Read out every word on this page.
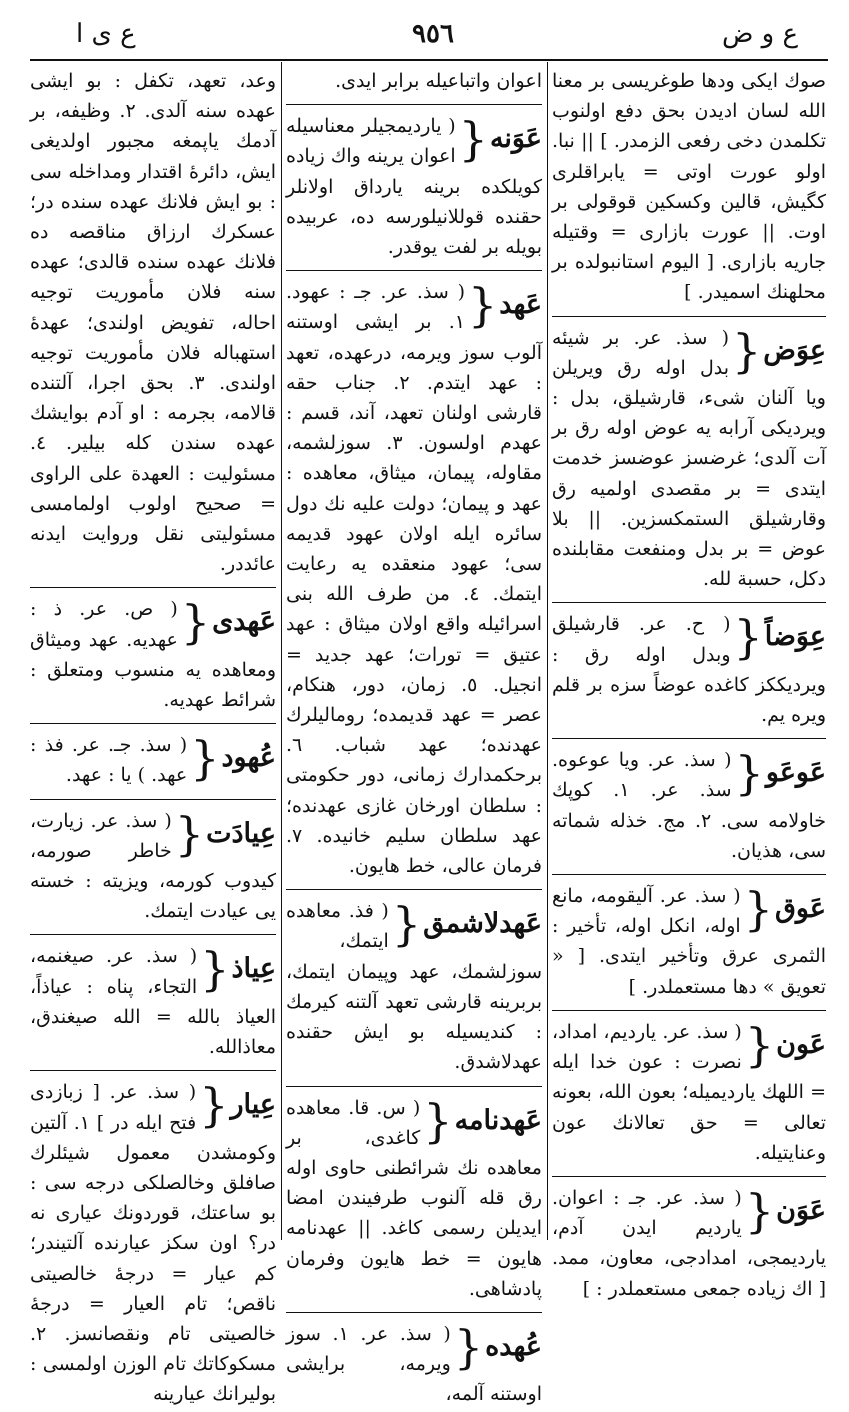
ع و ض
٩٥٦
ع ى ا
صوك ایکی ودها طوغریسی بر معنا الله لسان ادیدن بحق دفع اولنوب تکلمدن دخی رفعی الزمدر. ] || نبا. اولو عورت اوتی = یابراقلری کگیش، قالین وکسکین قوقولی بر اوت. || عورت بازاری = وقتیله جاریه بازاری. [ الیوم استانبولده بر محلهنك اسمیدر. ]
عِوَض
{
( سذ. عر. بر شیئه بدل اوله رق ویریلن ویا آلنان شیء، قارشیلق، بدل : ویردیکی آرابه یه عوض اوله رق بر آت آلدی؛ غرضسز عوضسز خدمت ایتدی = بر مقصدی اولمیه رق وقارشیلق الستمکسزین. || بلا عوض = بر بدل ومنفعت مقابلنده دکل، حسبة لله.
عِوَضاً
{
( ح. عر. قارشیلق وبدل اوله رق : ویردیککز کاغده عوضاً سزه بر قلم ویره یم.
عَوعَو
{
( سذ. عر. ویا عوعوه. سذ. عر. ١. کوپك خاولامه سی. ٢. مج. خذله شماته سی، هذیان.
عَوق
{
( سذ. عر. آلیقومه، مانع اوله، انکل اوله، تأخیر : الثمری عرق وتأخیر ایتدی. [ « تعویق » دها مستعملدر. ]
عَون
{
( سذ. عر. یاردیم، امداد، نصرت : عون خدا ایله = اللهك یاردیمیله؛ بعون الله، بعونه تعالی = حق تعالانك عون وعنایتیله.
عَوَن
{
( سذ. عر. جـ : اعوان. یاردیم ایدن آدم، یاردیمجی، امدادجی، معاون، ممد. [ اك زیاده جمعی مستعملدر : ]
اعوان واتباعیله برابر ایدی.
عَوَنه
{
( یاردیمجیلر معناسیله اعوان یرینه واك زیاده کویلکده برینه یارداق اولانلر حقنده قوللانیلورسه ده، عربیده بویله بر لفت یوقدر.
عَهد
{
( سذ. عر. جـ : عهود. ١. بر ایشی اوستنه آلوب سوز ویرمه، درعهده، تعهد : عهد ایتدم. ٢. جناب حقه قارشی اولنان تعهد، آند، قسم : عهدم اولسون. ٣. سوزلشمه، مقاوله، پیمان، میثاق، معاهده : عهد و پیمان؛ دولت علیه نك دول سائره ایله اولان عهود قدیمه سی؛ عهود منعقده یه رعایت ایتمك. ٤. من طرف الله بنی اسرائیله واقع اولان میثاق : عهد عتیق = تورات؛ عهد جدید = انجیل. ٥. زمان، دور، هنکام، عصر = عهد قدیمده؛ روماليلرك عهدنده؛ عهد شباب. ٦. برحکمدارك زمانی، دور حکومتی : سلطان اورخان غازی عهدنده؛ عهد سلطان سلیم خانیده. ٧. فرمان عالی، خط هایون.
عَهدلاشمق
{
( فذ. معاهده ایتمك، سوزلشمك، عهد وپیمان ایتمك، بربرینه قارشی تعهد آلتنه کیرمك : کندیسیله بو ایش حقنده عهدلاشدق.
عَهدنامه
{
( س. قا. معاهده کاغدی، بر معاهده نك شرائطنی حاوی اوله رق قله آلنوب طرفیندن امضا ایدیلن رسمی کاغد. || عهدنامه هایون = خط هایون وفرمان پادشاهی.
عُهده
{
( سذ. عر. ١. سوز ویرمه، برایشی اوستنه آلمه،
وعد، تعهد، تکفل : بو ایشی عهده سنه آلدی. ٢. وظیفه، بر آدمك یاپمغه مجبور اولدیغی ایش، دائرهٔ اقتدار ومداخله سی : بو ایش فلانك عهده سنده در؛ عسکرك ارزاق مناقصه ده فلانك عهده سنده قالدی؛ عهده سنه فلان مأموریت توجیه احاله، تفویض اولندی؛ عهدهٔ استهباله فلان مأموریت توجیه اولندی. ٣. بحق اجرا، آلتنده قالامه، بجرمه : او آدم بوایشك عهده سندن کله بیلیر. ٤. مسئولیت : العهدة علی الراوی = صحیح اولوب اولمامسی مسئولیتی نقل وروایت ایدنه عائددر.
عَهدی
{
( ص. عر. ذ : عهدیه. عهد ومیثاق ومعاهده یه منسوب ومتعلق : شرائط عهدیه.
عُهود
{
( سذ. جـ. عر. فذ : عهد. ) یا : عهد.
عِیادَت
{
( سذ. عر. زیارت، خاطر صورمه، کیدوب کورمه، ویزیته : خسته یی عیادت ایتمك.
عِیاذ
{
( سذ. عر. صیغنمه، التجاء، پناه : عیاذاً، العیاذ بالله = الله صیغندق، معاذالله.
عِیار
{
( سذ. عر. [ زبازدی فتح ایله در ] ١. آلتین وکومشدن معمول شیئلرك صافلق وخالصلکی درجه سی : بو ساعتك، قوردونك عیاری نه در؟ اون سکز عیارنده آلتیندر؛ کم عیار = درجهٔ خالصیتی ناقص؛ تام العیار = درجهٔ خالصیتی تام ونقصانسز. ٢. مسکوکاتك تام الوزن اولمسی : بولیرانك عیارینه
